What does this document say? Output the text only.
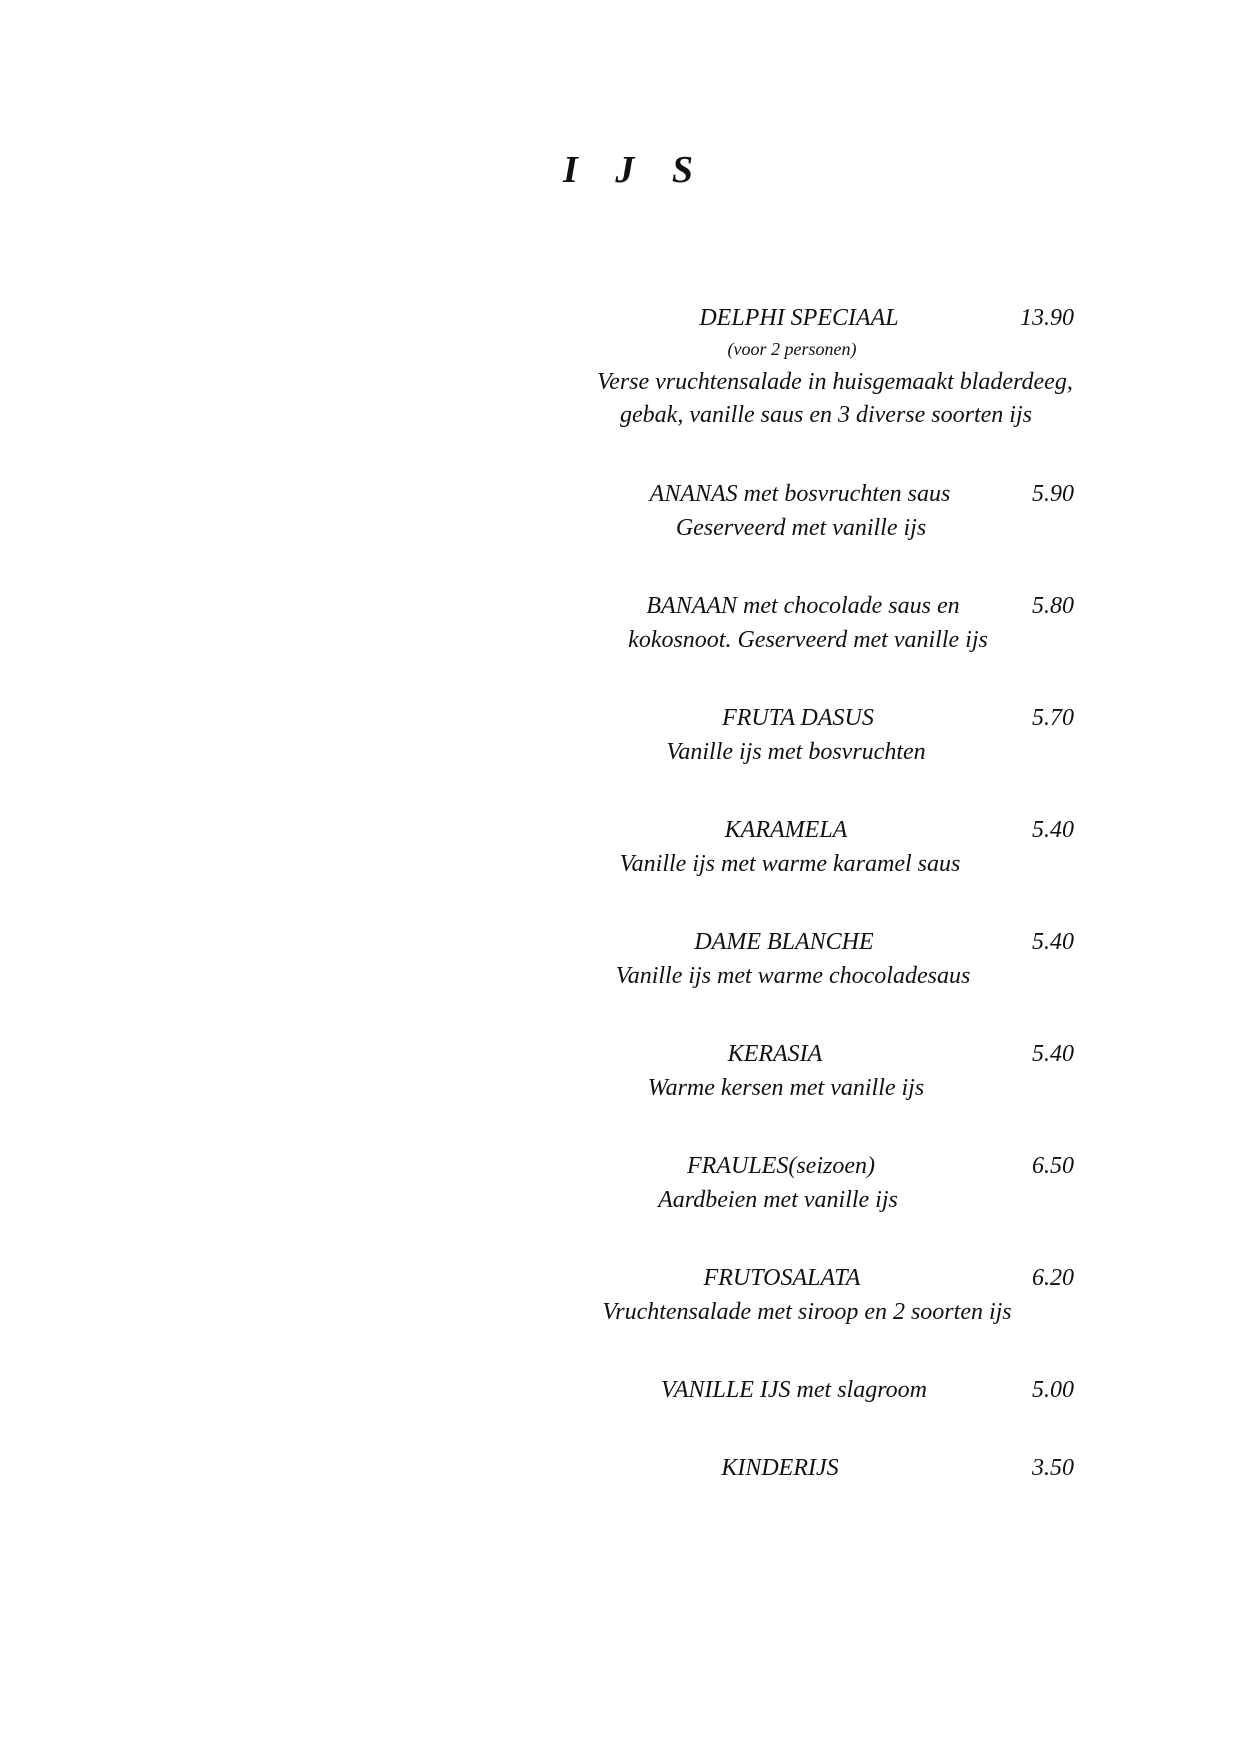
I J S
DELPHI SPECIAAL	13.90
(voor 2 personen)
Verse vruchtensalade in huisgemaakt bladerdeeg,
gebak, vanille saus en 3 diverse soorten ijs
ANANAS met bosvruchten saus	5.90
Geserveerd met vanille ijs
BANAAN met chocolade saus en	5.80
kokosnoot. Geserveerd met vanille ijs
FRUTA DASUS	5.70
Vanille ijs met bosvruchten
KARAMELA	5.40
Vanille ijs met warme karamel saus
DAME BLANCHE	5.40
Vanille ijs met warme chocoladesaus
KERASIA	5.40
Warme kersen met vanille ijs
FRAULES(seizoen)	6.50
Aardbeien met vanille ijs
FRUTOSALATA	6.20
Vruchtensalade met siroop en 2 soorten ijs
VANILLE IJS met slagroom	5.00
KINDERIJS	3.50
